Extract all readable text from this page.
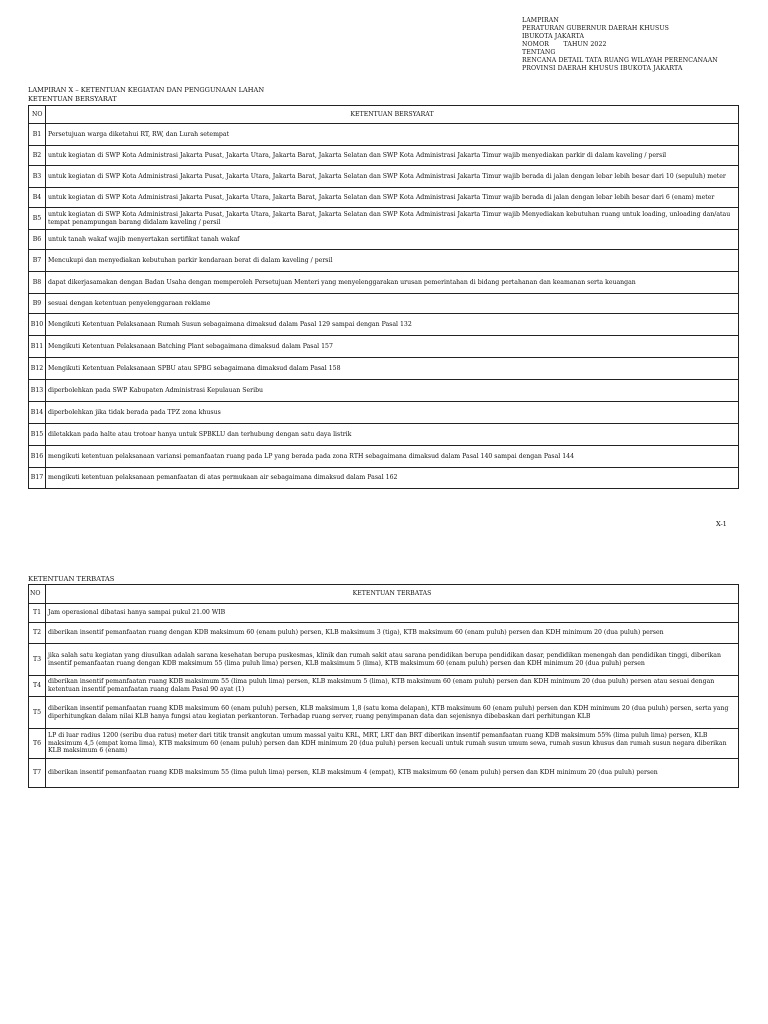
LAMPIRAN
PERATURAN GUBERNUR DAERAH KHUSUS
IBUKOTA JAKARTA
NOMOR       TAHUN 2022
TENTANG
RENCANA DETAIL TATA RUANG WILAYAH PERENCANAAN
PROVINSI DAERAH KHUSUS IBUKOTA JAKARTA
LAMPIRAN X – KETENTUAN KEGIATAN DAN PENGGUNAAN LAHAN
KETENTUAN BERSYARAT
NO	KETENTUAN BERSYARAT
B1	Persetujuan warga diketahui RT, RW, dan Lurah setempat
B2	untuk kegiatan di SWP Kota Administrasi Jakarta Pusat, Jakarta Utara, Jakarta Barat, Jakarta Selatan dan SWP Kota Administrasi Jakarta Timur wajib menyediakan parkir di dalam kaveling / persil
B3	untuk kegiatan di SWP Kota Administrasi Jakarta Pusat, Jakarta Utara, Jakarta Barat, Jakarta Selatan dan SWP Kota Administrasi Jakarta Timur wajib berada di jalan dengan lebar lebih besar dari 10 (sepuluh) meter
B4	untuk kegiatan di SWP Kota Administrasi Jakarta Pusat, Jakarta Utara, Jakarta Barat, Jakarta Selatan dan SWP Kota Administrasi Jakarta Timur wajib berada di jalan dengan lebar lebih besar dari 6 (enam) meter
B5	untuk kegiatan di SWP Kota Administrasi Jakarta Pusat, Jakarta Utara, Jakarta Barat, Jakarta Selatan dan SWP Kota Administrasi Jakarta Timur wajib Menyediakan kebutuhan ruang untuk loading, unloading dan/atau tempat penampungan barang didalam kaveling / persil
B6	untuk tanah wakaf wajib menyertakan sertifikat tanah wakaf
B7	Mencukupi dan menyediakan kebutuhan parkir kendaraan berat di dalam kaveling / persil
B8	dapat dikerjasamakan dengan Badan Usaha dengan memperoleh Persetujuan Menteri yang menyelenggarakan urusan pemerintahan di bidang pertahanan dan keamanan serta keuangan
B9	sesuai dengan ketentuan penyelenggaraan reklame
B10	Mengikuti Ketentuan Pelaksanaan Rumah Susun sebagaimana dimaksud dalam Pasal 129 sampai dengan Pasal 132
B11	Mengikuti Ketentuan Pelaksanaan Batching Plant sebagaimana dimaksud dalam Pasal 157
B12	Mengikuti Ketentuan Pelaksanaan SPBU atau SPBG sebagaimana dimaksud dalam Pasal 158
B13	diperbolehkan pada SWP Kabupaten Administrasi Kepulauan Seribu
B14	diperbolehkan jika tidak berada pada TPZ zona khusus
B15	diletakkan pada halte atau trotoar hanya untuk SPBKLU dan terhubung dengan satu daya listrik
B16	mengikuti ketentuan pelaksanaan variansi pemanfaatan ruang pada LP yang berada pada zona RTH sebagaimana dimaksud dalam Pasal 140 sampai dengan Pasal 144
B17	mengikuti ketentuan pelaksanaan pemanfaatan di atas permukaan air sebagaimana dimaksud dalam Pasal 162
X-1
KETENTUAN TERBATAS
NO	KETENTUAN TERBATAS
T1	Jam operasional dibatasi hanya sampai pukul 21.00 WIB
T2	diberikan insentif pemanfaatan ruang dengan KDB maksimum 60 (enam puluh) persen, KLB maksimum 3 (tiga), KTB maksimum 60 (enam puluh) persen dan KDH minimum 20 (dua puluh) persen
T3	jika salah satu kegiatan yang diusulkan adalah sarana kesehatan berupa puskesmas, klinik dan rumah sakit atau sarana pendidikan berupa pendidikan dasar, pendidikan menengah dan pendidikan tinggi, diberikan insentif pemanfaatan ruang dengan KDB maksimum 55 (lima puluh lima) persen, KLB maksimum 5 (lima), KTB maksimum 60 (enam puluh) persen dan KDH minimum 20 (dua puluh) persen
T4	diberikan insentif pemanfaatan ruang KDB maksimum 55 (lima puluh lima) persen, KLB maksimum 5 (lima), KTB maksimum 60 (enam puluh) persen dan KDH minimum 20 (dua puluh) persen atau sesuai dengan ketentuan insentif pemanfaatan ruang dalam Pasal 90 ayat (1)
T5	diberikan insentif pemanfaatan ruang KDB maksimum 60 (enam puluh) persen, KLB maksimum 1,8 (satu koma delapan), KTB maksimum 60 (enam puluh) persen dan KDH minimum 20 (dua puluh) persen, serta yang diperhitungkan dalam nilai KLB hanya fungsi atau kegiatan perkantoran. Terhadap ruang server, ruang penyimpanan data dan sejenisnya dibebaskan dari perhitungan KLB
T6	LP di luar radius 1200 (seribu dua ratus) meter dari titik transit angkutan umum massal yaitu KRL, MRT, LRT dan BRT diberikan insentif pemanfaatan ruang KDB maksimum 55% (lima puluh lima) persen, KLB maksimum 4,5 (empat koma lima), KTB maksimum 60 (enam puluh) persen dan KDH minimum 20 (dua puluh) persen kecuali untuk rumah susun umum sewa, rumah susun khusus dan rumah susun negara diberikan KLB maksimum 6 (enam)
T7	diberikan insentif pemanfaatan ruang KDB maksimum 55 (lima puluh lima) persen, KLB maksimum 4 (empat), KTB maksimum 60 (enam puluh) persen dan KDH minimum 20 (dua puluh) persen
